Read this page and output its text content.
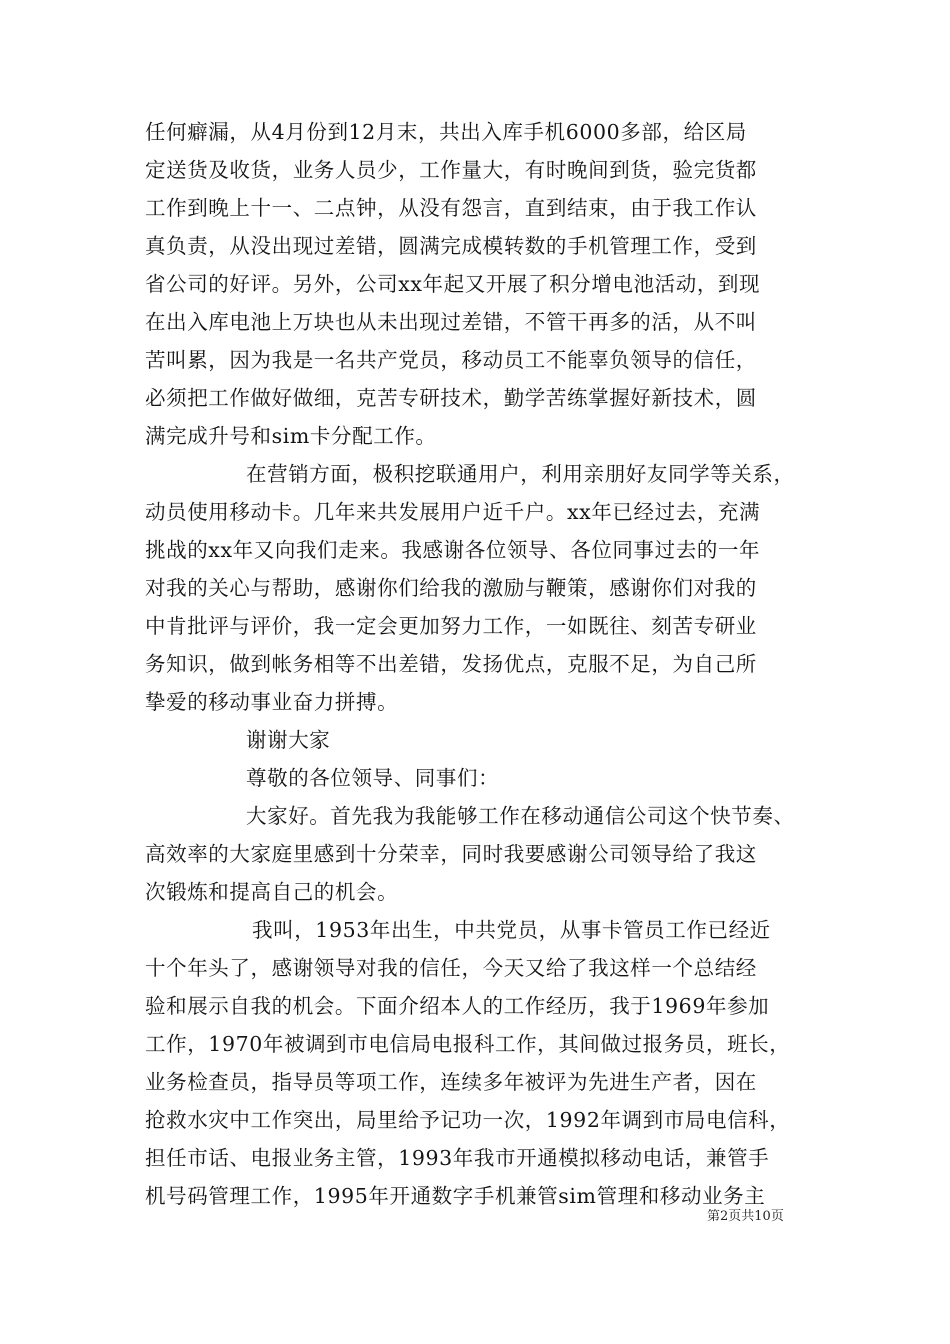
任何癖漏，从4月份到12月末，共出入库手机6000多部，给区局
定送货及收货，业务人员少，工作量大，有时晚间到货，验完货都
工作到晚上十一、二点钟，从没有怨言，直到结束，由于我工作认
真负责，从没出现过差错，圆满完成模转数的手机管理工作，受到
省公司的好评。另外，公司xx年起又开展了积分增电池活动，到现
在出入库电池上万块也从未出现过差错，不管干再多的活，从不叫
苦叫累，因为我是一名共产党员，移动员工不能辜负领导的信任，
必须把工作做好做细，克苦专研技术，勤学苦练掌握好新技术，圆
满完成升号和sim卡分配工作。
在营销方面，极积挖联通用户，利用亲朋好友同学等关系，
动员使用移动卡。几年来共发展用户近千户。xx年已经过去，充满
挑战的xx年又向我们走来。我感谢各位领导、各位同事过去的一年
对我的关心与帮助，感谢你们给我的激励与鞭策，感谢你们对我的
中肯批评与评价，我一定会更加努力工作，一如既往、刻苦专研业
务知识，做到帐务相等不出差错，发扬优点，克服不足，为自己所
挚爱的移动事业奋力拼搏。
谢谢大家
尊敬的各位领导、同事们：
大家好。首先我为我能够工作在移动通信公司这个快节奏、
高效率的大家庭里感到十分荣幸，同时我要感谢公司领导给了我这
次锻炼和提高自己的机会。
我叫，1953年出生，中共党员，从事卡管员工作已经近
十个年头了，感谢领导对我的信任，今天又给了我这样一个总结经
验和展示自我的机会。下面介绍本人的工作经历，我于1969年参加
工作，1970年被调到市电信局电报科工作，其间做过报务员，班长，
业务检查员，指导员等项工作，连续多年被评为先进生产者，因在
抢救水灾中工作突出，局里给予记功一次，1992年调到市局电信科，
担任市话、电报业务主管，1993年我市开通模拟移动电话，兼管手
机号码管理工作，1995年开通数字手机兼管sim管理和移动业务主
第2页共10页
